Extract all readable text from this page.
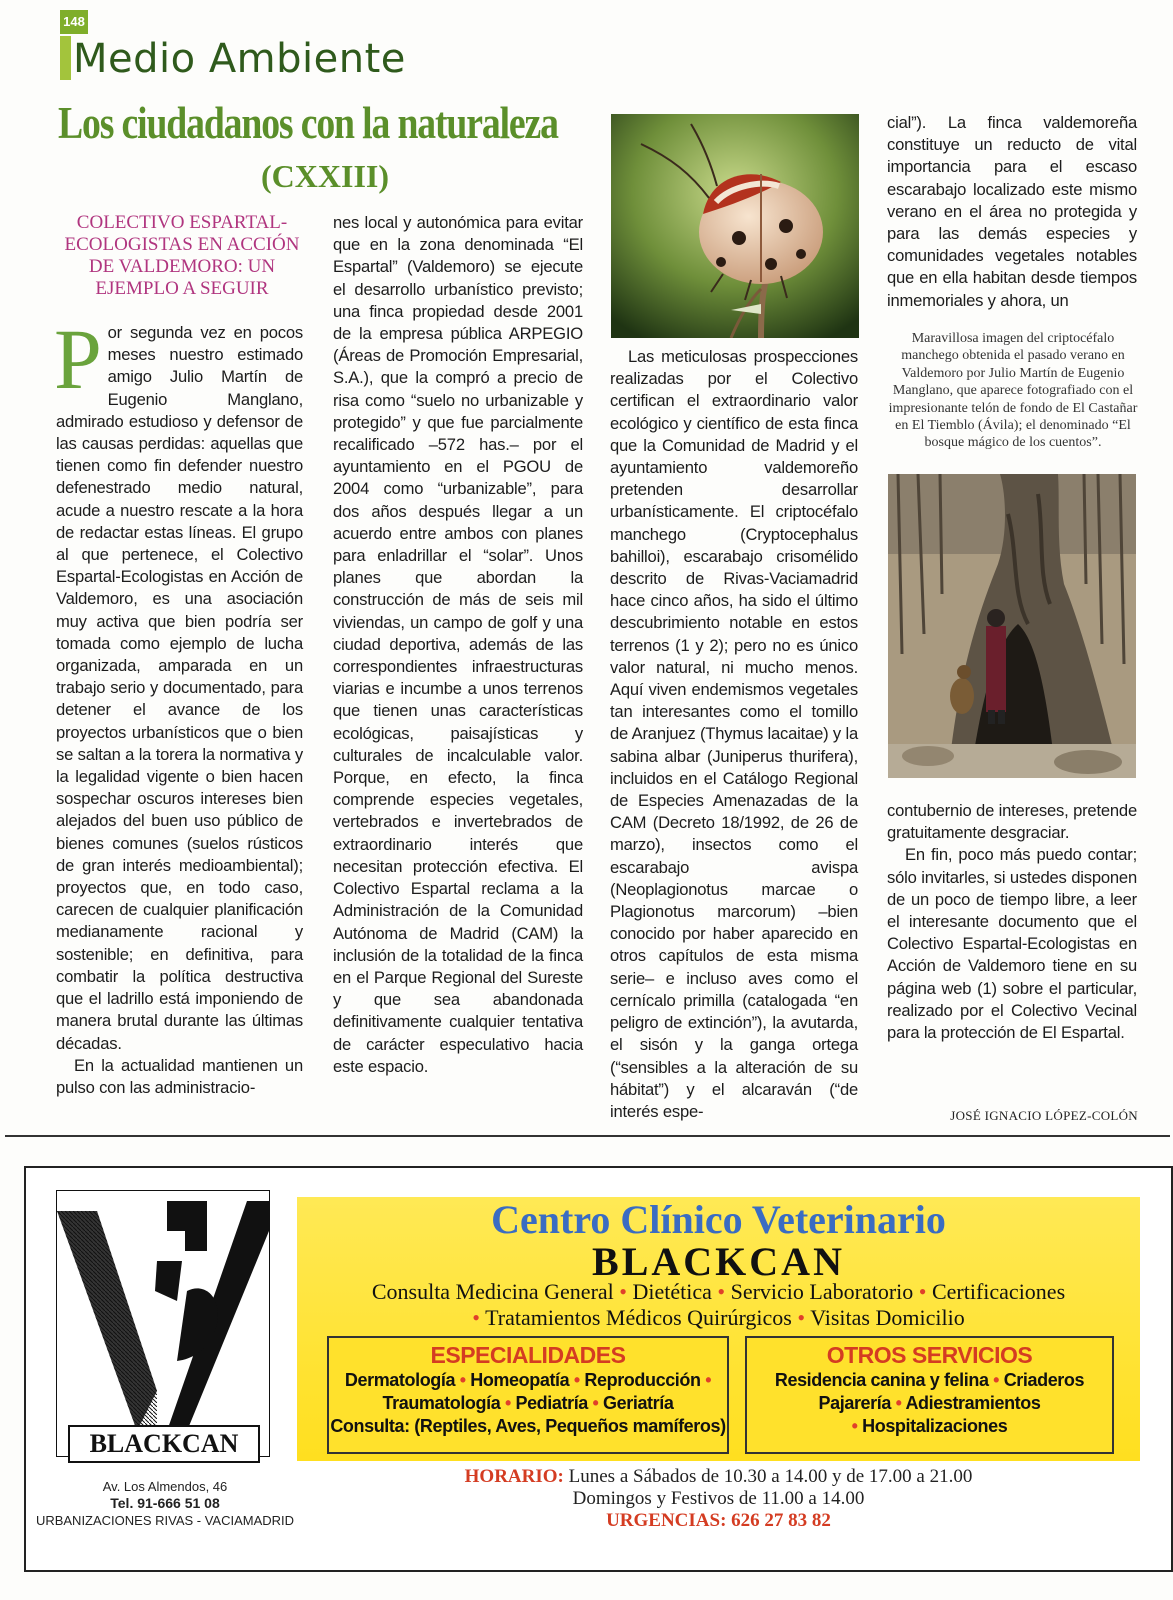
148
Medio Ambiente
Los ciudadanos con la naturaleza
(CXXIII)
COLECTIVO ESPARTAL-ECOLOGISTAS EN ACCIÓN DE VALDEMORO: UN EJEMPLO A SEGUIR

Por segunda vez en pocos meses nuestro estimado amigo Julio Martín de Eugenio Manglano, admirado estudioso y defensor de las causas perdidas: aquellas que tienen como fin defender nuestro defenestrado medio natural, acude a nuestro rescate a la hora de redactar estas líneas. El grupo al que pertenece, el Colectivo Espartal-Ecologistas en Acción de Valdemoro, es una asociación muy activa que bien podría ser tomada como ejemplo de lucha organizada, amparada en un trabajo serio y documentado, para detener el avance de los proyectos urbanísticos que o bien se saltan a la torera la normativa y la legalidad vigente o bien hacen sospechar oscuros intereses bien alejados del buen uso público de bienes comunes (suelos rústicos de gran interés medioambiental); proyectos que, en todo caso, carecen de cualquier planificación medianamente racional y sostenible; en definitiva, para combatir la política destructiva que el ladrillo está imponiendo de manera brutal durante las últimas décadas.

En la actualidad mantienen un pulso con las administracio-

nes local y autonómica para evitar que en la zona denominada “El Espartal” (Valdemoro) se ejecute el desarrollo urbanístico previsto; una finca propiedad desde 2001 de la empresa pública ARPEGIO (Áreas de Promoción Empresarial, S.A.), que la compró a precio de risa como “suelo no urbanizable y protegido” y que fue parcialmente recalificado –572 has.– por el ayuntamiento en el PGOU de 2004 como “urbanizable”, para dos años después llegar a un acuerdo entre ambos con planes para enladrillar el “solar”. Unos planes que abordan la construcción de más de seis mil viviendas, un campo de golf y una ciudad deportiva, además de las correspondientes infraestructuras viarias e incumbe a unos terrenos que tienen unas características ecológicas, paisajísticas y culturales de incalculable valor. Porque, en efecto, la finca comprende especies vegetales, vertebrados e invertebrados de extraordinario interés que necesitan protección efectiva. El Colectivo Espartal reclama a la Administración de la Comunidad Autónoma de Madrid (CAM) la inclusión de la totalidad de la finca en el Parque Regional del Sureste y que sea abandonada definitivamente cualquier tentativa de carácter especulativo hacia este espacio.

Las meticulosas prospecciones realizadas por el Colectivo certifican el extraordinario valor ecológico y científico de esta finca que la Comunidad de Madrid y el ayuntamiento valdemoreño pretenden desarrollar urbanísticamente. El criptocéfalo manchego (Cryptocephalus bahilloi), escarabajo crisomélido descrito de Rivas-Vaciamadrid hace cinco años, ha sido el último descubrimiento notable en estos terrenos (1 y 2); pero no es único valor natural, ni mucho menos. Aquí viven endemismos vegetales tan interesantes como el tomillo de Aranjuez (Thymus lacaitae) y la sabina albar (Juniperus thurifera), incluidos en el Catálogo Regional de Especies Amenazadas de la CAM (Decreto 18/1992, de 26 de marzo), insectos como el escarabajo avispa (Neoplagionotus marcae o Plagionotus marcorum) –bien conocido por haber aparecido en otros capítulos de esta misma serie– e incluso aves como el cernícalo primilla (catalogada “en peligro de extinción”), la avutarda, el sisón y la ganga ortega (“sensibles a la alteración de su hábitat”) y el alcaraván (“de interés espe-

cial”). La finca valdemoreña constituye un reducto de vital importancia para el escaso escarabajo localizado este mismo verano en el área no protegida y para las demás especies y comunidades vegetales notables que en ella habitan desde tiempos inmemoriales y ahora, un

Maravillosa imagen del criptocéfalo manchego obtenida el pasado verano en Valdemoro por Julio Martín de Eugenio Manglano, que aparece fotografiado con el impresionante telón de fondo de El Castañar en El Tiemblo (Ávila); el denominado “El bosque mágico de los cuentos”.

contubernio de intereses, pretende gratuitamente desgraciar.

En fin, poco más puedo contar; sólo invitarles, si ustedes disponen de un poco de tiempo libre, a leer el interesante documento que el Colectivo Espartal-Ecologistas en Acción de Valdemoro tiene en su página web (1) sobre el particular, realizado por el Colectivo Vecinal para la protección de El Espartal.

JOSÉ IGNACIO LÓPEZ-COLÓN
BLACKCAN
Av. Los Almendos, 46
Tel. 91-666 51 08
URBANIZACIONES RIVAS - VACIAMADRID
Centro Clínico Veterinario
BLACKCAN
Consulta Medicina General • Dietética • Servicio Laboratorio • Certificaciones
• Tratamientos Médicos Quirúrgicos • Visitas Domicilio
ESPECIALIDADES
Dermatología • Homeopatía • Reproducción •
Traumatología • Pediatría • Geriatría
Consulta: (Reptiles, Aves, Pequeños mamíferos)
OTROS SERVICIOS
Residencia canina y felina • Criaderos
Pajarería • Adiestramientos
• Hospitalizaciones
HORARIO: Lunes a Sábados de 10.30 a 14.00 y de 17.00 a 21.00
Domingos y Festivos de 11.00 a 14.00
URGENCIAS: 626 27 83 82
